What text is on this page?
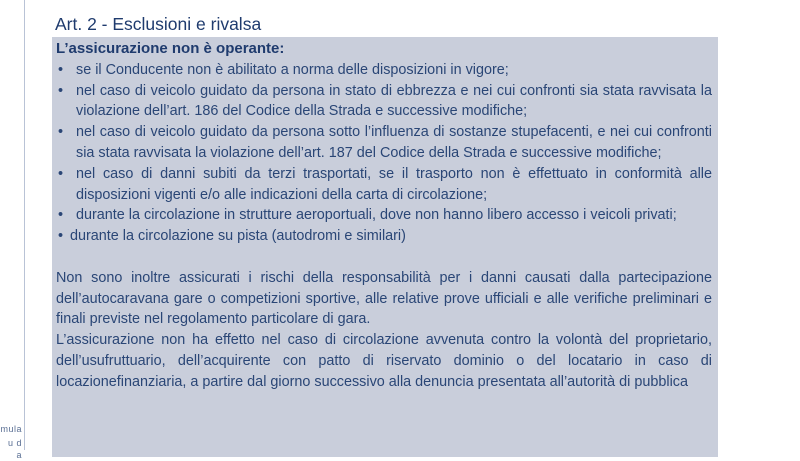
mula
u d a
Art. 2 - Esclusioni e rivalsa
L’assicurazione non è operante:
• se il Conducente non è abilitato a norma delle disposizioni in vigore;
• nel caso di veicolo guidato da persona in stato di ebbrezza e nei cui confronti sia stata ravvisata la violazione dell’art. 186 del Codice della Strada e successive modifiche;
• nel caso di veicolo guidato da persona sotto l’influenza di sostanze stupefacenti, e nei cui confronti sia stata ravvisata la violazione dell’art. 187 del Codice della Strada e successive modifiche;
• nel caso di danni subiti da terzi trasportati, se il trasporto non è effettuato in conformità alle disposizioni vigenti e/o alle indicazioni della carta di circolazione;
• durante la circolazione in strutture aeroportuali, dove non hanno libero accesso i veicoli privati;
• durante la circolazione su pista (autodromi e similari)
Non sono inoltre assicurati i rischi della responsabilità per i danni causati dalla partecipazione dell’autocaravana gare o competizioni sportive, alle relative prove ufficiali e alle verifiche preliminari e finali previste nel regolamento particolare di gara.
L’assicurazione non ha effetto nel caso di circolazione avvenuta contro la volontà del proprietario, dell’usufruttuario, dell’acquirente con patto di riservato dominio o del locatario in caso di locazionefinanziaria, a partire dal giorno successivo alla denuncia presentata all’autorità di pubblica
